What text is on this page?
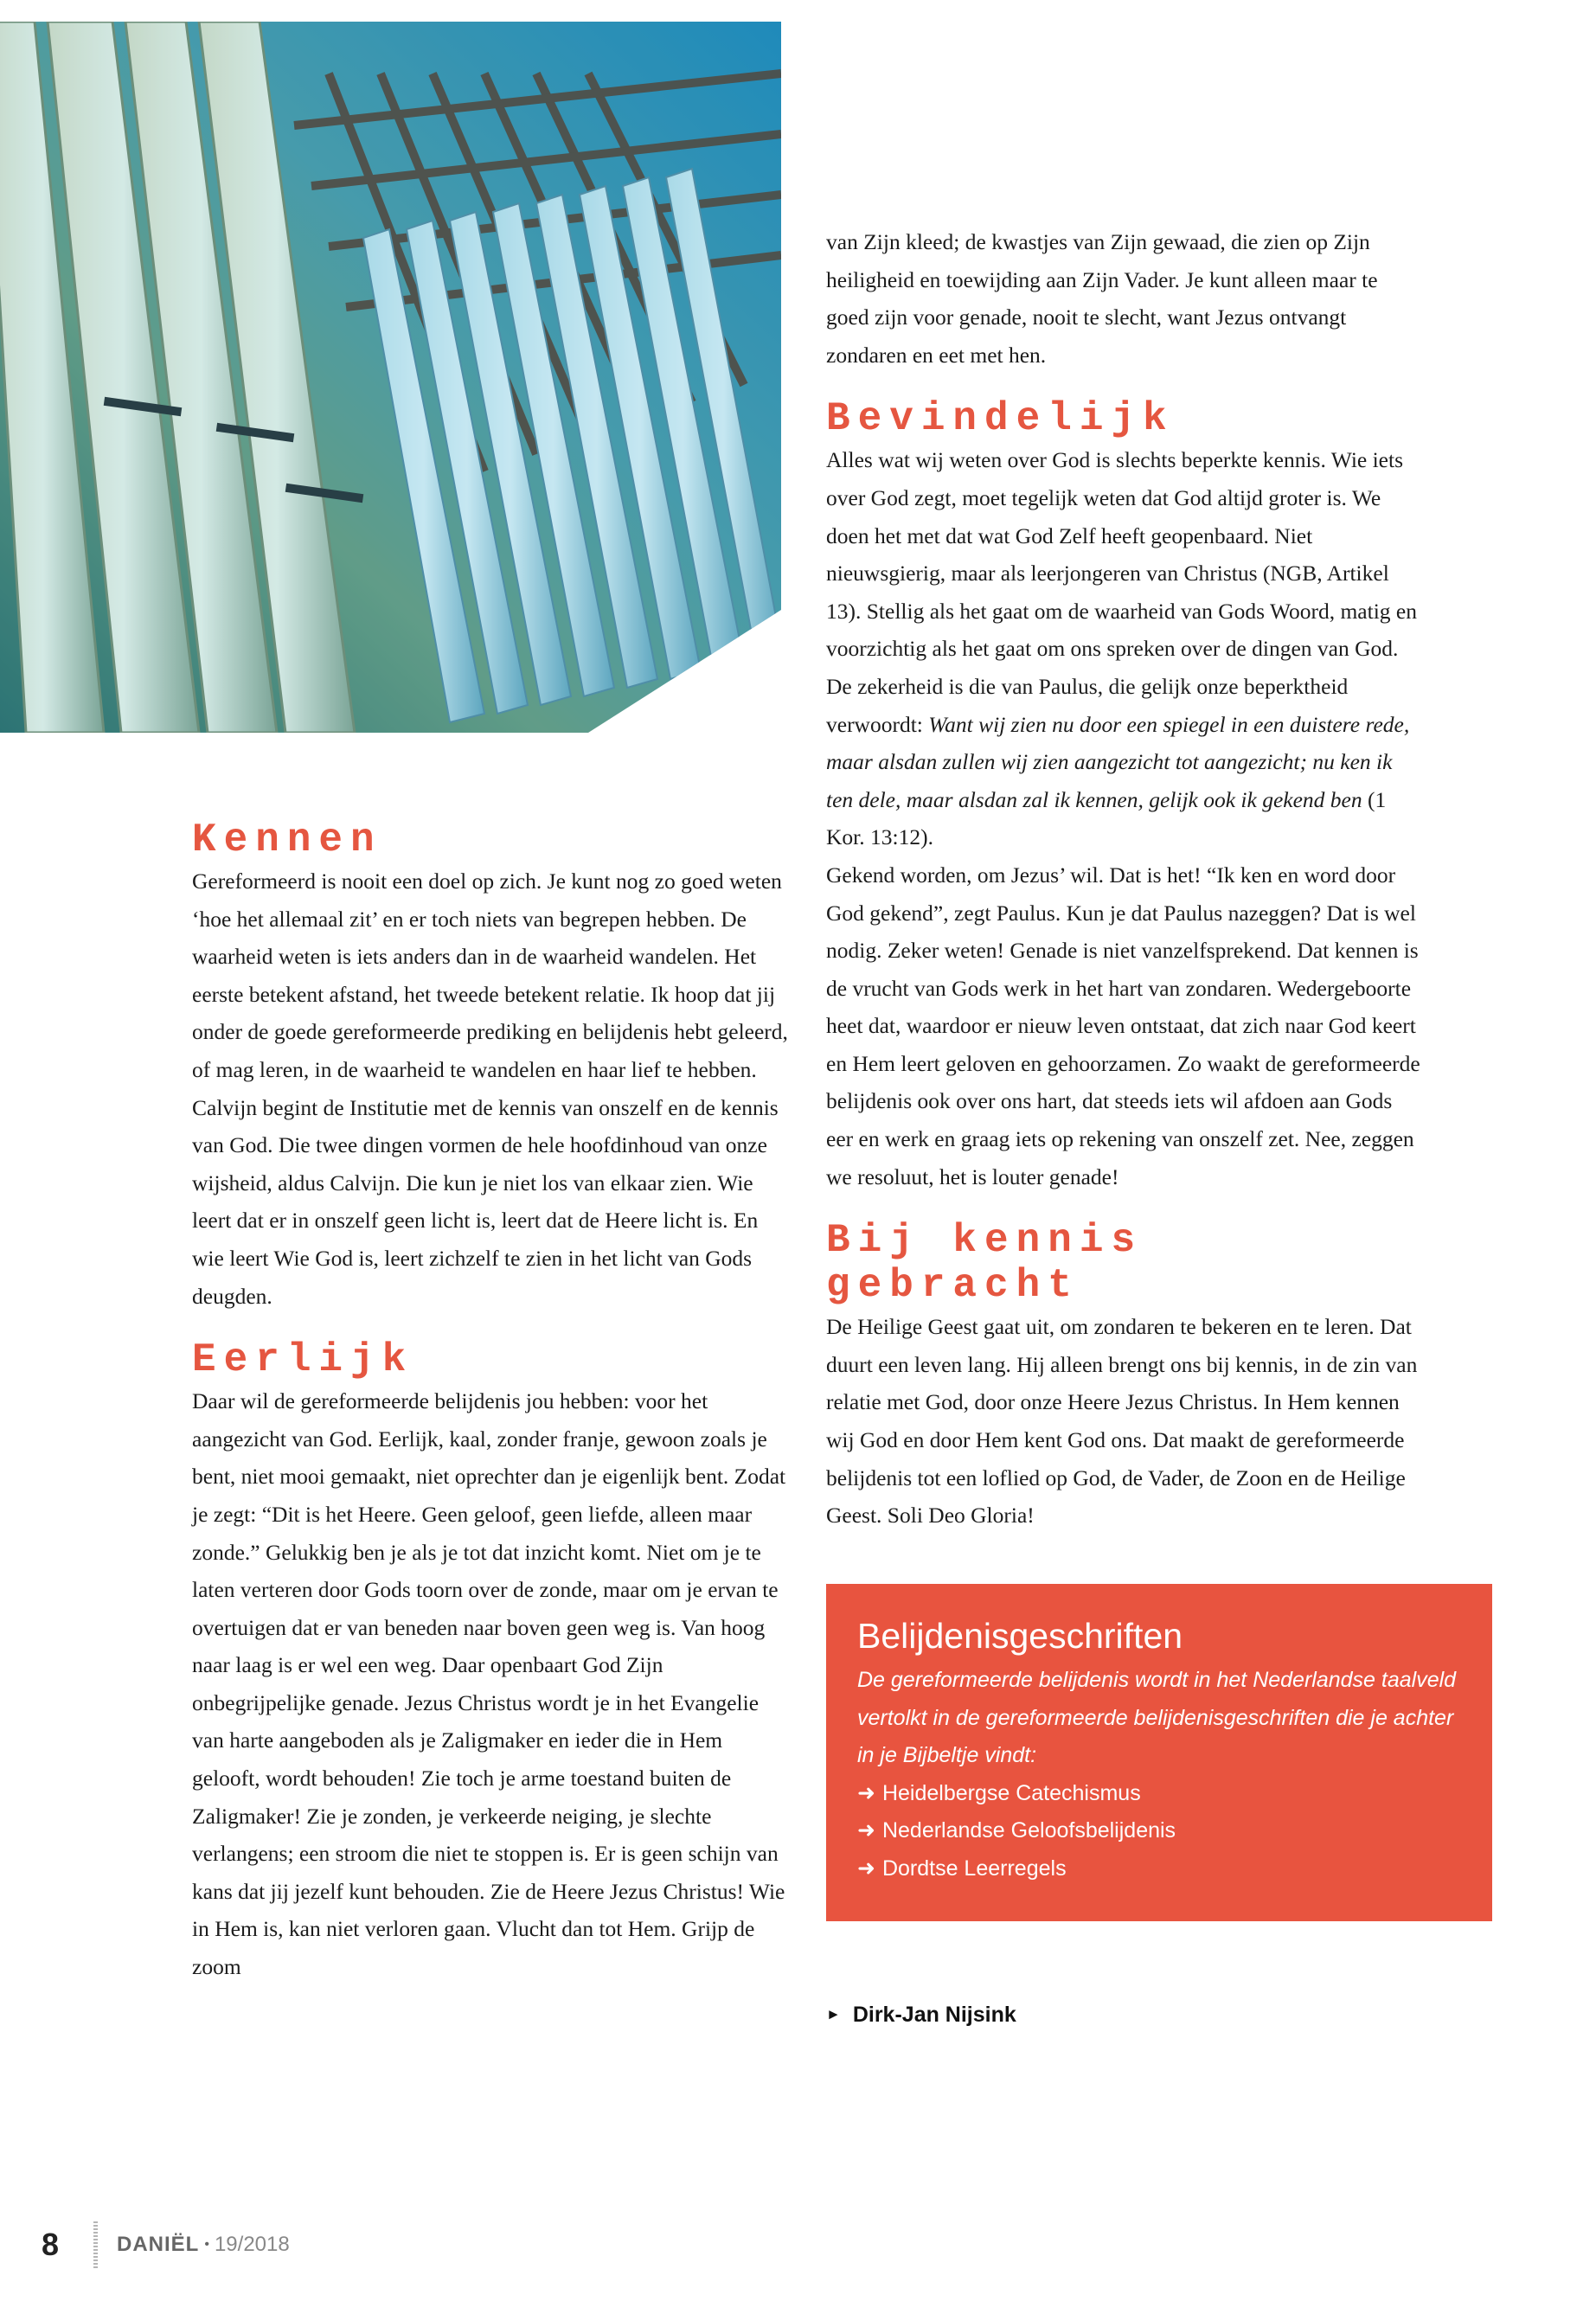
Kennen

Gereformeerd is nooit een doel op zich. Je kunt nog zo goed weten ‘hoe het allemaal zit’ en er toch niets van begrepen hebben. De waarheid weten is iets anders dan in de waarheid wandelen. Het eerste betekent afstand, het tweede betekent relatie. Ik hoop dat jij onder de goede gereformeerde prediking en belijdenis hebt geleerd, of mag leren, in de waarheid te wandelen en haar lief te hebben. Calvijn begint de Institutie met de kennis van onszelf en de kennis van God. Die twee dingen vormen de hele hoofdinhoud van onze wijsheid, aldus Calvijn. Die kun je niet los van elkaar zien. Wie leert dat er in onszelf geen licht is, leert dat de Heere licht is. En wie leert Wie God is, leert zichzelf te zien in het licht van Gods deugden.

Eerlijk

Daar wil de gereformeerde belijdenis jou hebben: voor het aangezicht van God. Eerlijk, kaal, zonder franje, gewoon zoals je bent, niet mooi gemaakt, niet oprechter dan je eigenlijk bent. Zodat je zegt: “Dit is het Heere. Geen geloof, geen liefde, alleen maar zonde.” Gelukkig ben je als je tot dat inzicht komt. Niet om je te laten verteren door Gods toorn over de zonde, maar om je ervan te overtuigen dat er van beneden naar boven geen weg is. Van hoog naar laag is er wel een weg. Daar openbaart God Zijn onbegrijpelijke genade. Jezus Christus wordt je in het Evangelie van harte aangeboden als je Zaligmaker en ieder die in Hem gelooft, wordt behouden! Zie toch je arme toestand buiten de Zaligmaker! Zie je zonden, je verkeerde neiging, je slechte verlangens; een stroom die niet te stoppen is. Er is geen schijn van kans dat jij jezelf kunt behouden. Zie de Heere Jezus Christus! Wie in Hem is, kan niet verloren gaan. Vlucht dan tot Hem. Grijp de zoom

van Zijn kleed; de kwastjes van Zijn gewaad, die zien op Zijn heiligheid en toewijding aan Zijn Vader. Je kunt alleen maar te goed zijn voor genade, nooit te slecht, want Jezus ontvangt zondaren en eet met hen.

Bevindelijk

Alles wat wij weten over God is slechts beperkte kennis. Wie iets over God zegt, moet tegelijk weten dat God altijd groter is. We doen het met dat wat God Zelf heeft geopenbaard. Niet nieuwsgierig, maar als leerjongeren van Christus (NGB, Artikel 13). Stellig als het gaat om de waarheid van Gods Woord, matig en voorzichtig als het gaat om ons spreken over de dingen van God. De zekerheid is die van Paulus, die gelijk onze beperktheid verwoordt: Want wij zien nu door een spiegel in een duistere rede, maar alsdan zullen wij zien aangezicht tot aangezicht; nu ken ik ten dele, maar alsdan zal ik kennen, gelijk ook ik gekend ben (1 Kor. 13:12).

Gekend worden, om Jezus’ wil. Dat is het! “Ik ken en word door God gekend”, zegt Paulus. Kun je dat Paulus nazeggen? Dat is wel nodig. Zeker weten! Genade is niet vanzelfsprekend. Dat kennen is de vrucht van Gods werk in het hart van zondaren. Wedergeboorte heet dat, waardoor er nieuw leven ontstaat, dat zich naar God keert en Hem leert geloven en gehoorzamen. Zo waakt de gereformeerde belijdenis ook over ons hart, dat steeds iets wil afdoen aan Gods eer en werk en graag iets op rekening van onszelf zet. Nee, zeggen we resoluut, het is louter genade!

Bij kennis gebracht

De Heilige Geest gaat uit, om zondaren te bekeren en te leren. Dat duurt een leven lang. Hij alleen brengt ons bij kennis, in de zin van relatie met God, door onze Heere Jezus Christus. In Hem kennen wij God en door Hem kent God ons. Dat maakt de gereformeerde belijdenis tot een loflied op God, de Vader, de Zoon en de Heilige Geest. Soli Deo Gloria!

Belijdenisgeschriften

De gereformeerde belijdenis wordt in het Nederlandse taalveld vertolkt in de gereformeerde belijdenisgeschriften die je achter in je Bijbeltje vindt:

➜ Heidelbergse Catechismus
➜ Nederlandse Geloofsbelijdenis
➜ Dordtse Leerregels
► Dirk-Jan Nijsink
8	DANIËL • 19/2018
